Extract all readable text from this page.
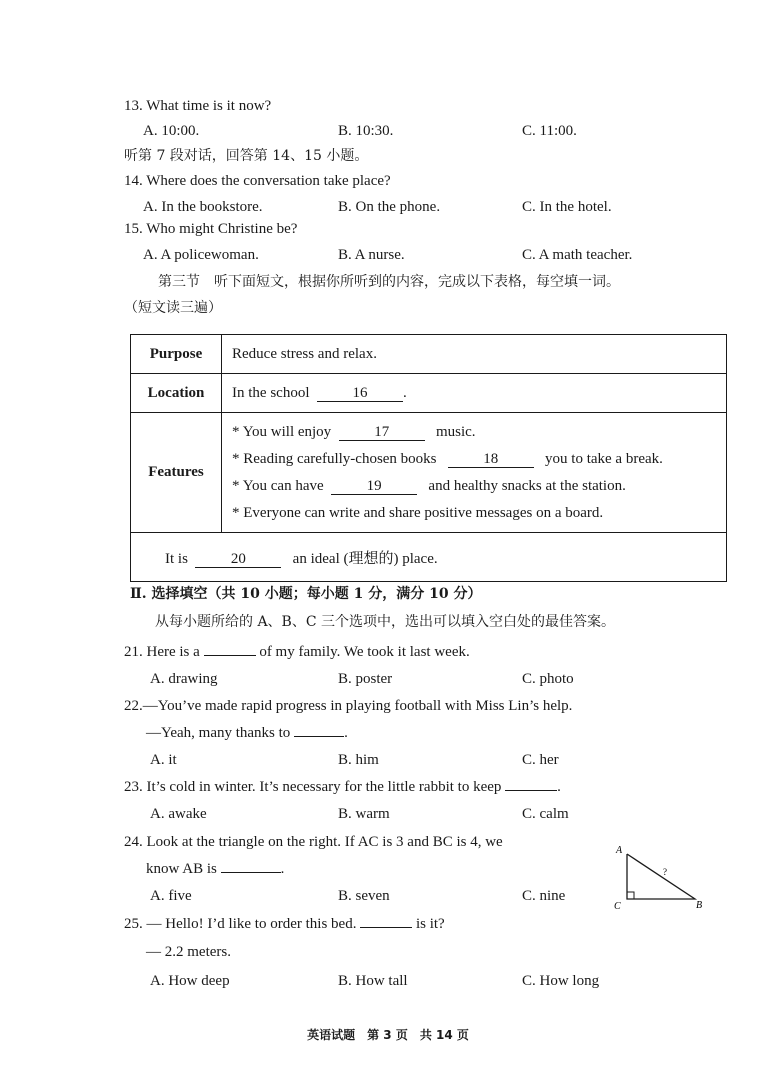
13. What time is it now?
A. 10:00.	B. 10:30.	C. 11:00.
听第 7 段对话，回答第 14、15 小题。
14. Where does the conversation take place?
A. In the bookstore.	B. On the phone.	C. In the hotel.
15. Who might Christine be?
A. A policewoman.	B. A nurse.	C. A math teacher.
第三节　听下面短文，根据你所听到的内容，完成以下表格，每空填一词。
（短文读三遍）
Purpose	Reduce stress and relax.
Location	In the school 16 .
Features	* You will enjoy 17 music.
* Reading carefully-chosen books 18 you to take a break.
* You can have 19 and healthy snacks at the station.
* Everyone can write and share positive messages on a board.

It is 20 an ideal (理想的) place.	
Ⅱ. 选择填空（共 10 小题；每小题 1 分，满分 10 分）
从每小题所给的 A、B、C 三个选项中，选出可以填入空白处的最佳答案。
21. Here is a	of my family. We took it last week.
A. drawing	B. poster	C. photo
22.—You’ve made rapid progress in playing football with Miss Lin’s help.
—Yeah, many thanks to	.
A. it	B. him	C. her
23. It’s cold in winter. It’s necessary for the little rabbit to keep	.
A. awake	B. warm	C. calm
24. Look at the triangle on the right. If AC is 3 and BC is 4, we
know AB is	.
A. five	B. seven	C. nine
A
B
C
?
25. — Hello! I’d like to order this bed.	is it?
— 2.2 meters.
A. How deep	B. How tall	C. How long
英语试题　第 3 页　共 14 页
